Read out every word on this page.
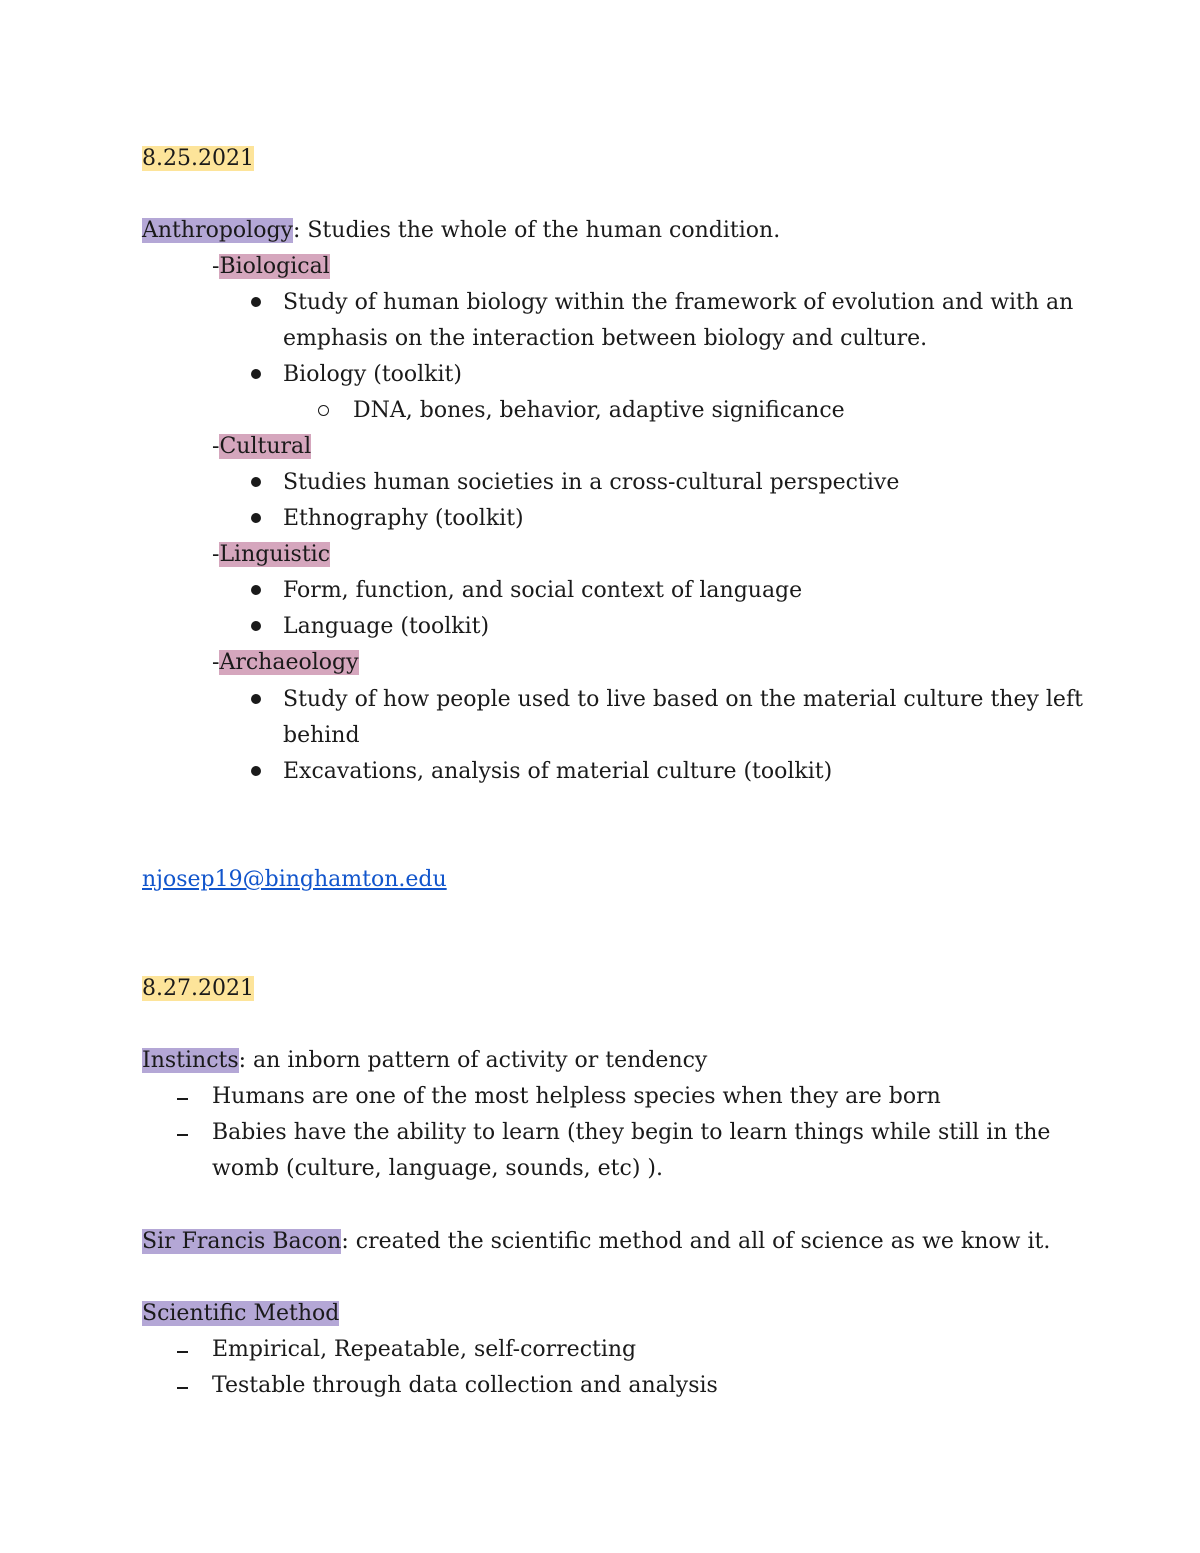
8.25.2021
Anthropology: Studies the whole of the human condition.
-Biological
Study of human biology within the framework of evolution and with an
emphasis on the interaction between biology and culture.
Biology (toolkit)
DNA, bones, behavior, adaptive significance
-Cultural
Studies human societies in a cross-cultural perspective
Ethnography (toolkit)
-Linguistic
Form, function, and social context of language
Language (toolkit)
-Archaeology
Study of how people used to live based on the material culture they left
behind
Excavations, analysis of material culture (toolkit)
njosep19@binghamton.edu
8.27.2021
Instincts: an inborn pattern of activity or tendency
Humans are one of the most helpless species when they are born
Babies have the ability to learn (they begin to learn things while still in the
womb (culture, language, sounds, etc) ).
Sir Francis Bacon: created the scientific method and all of science as we know it.
Scientific Method
Empirical, Repeatable, self-correcting
Testable through data collection and analysis
